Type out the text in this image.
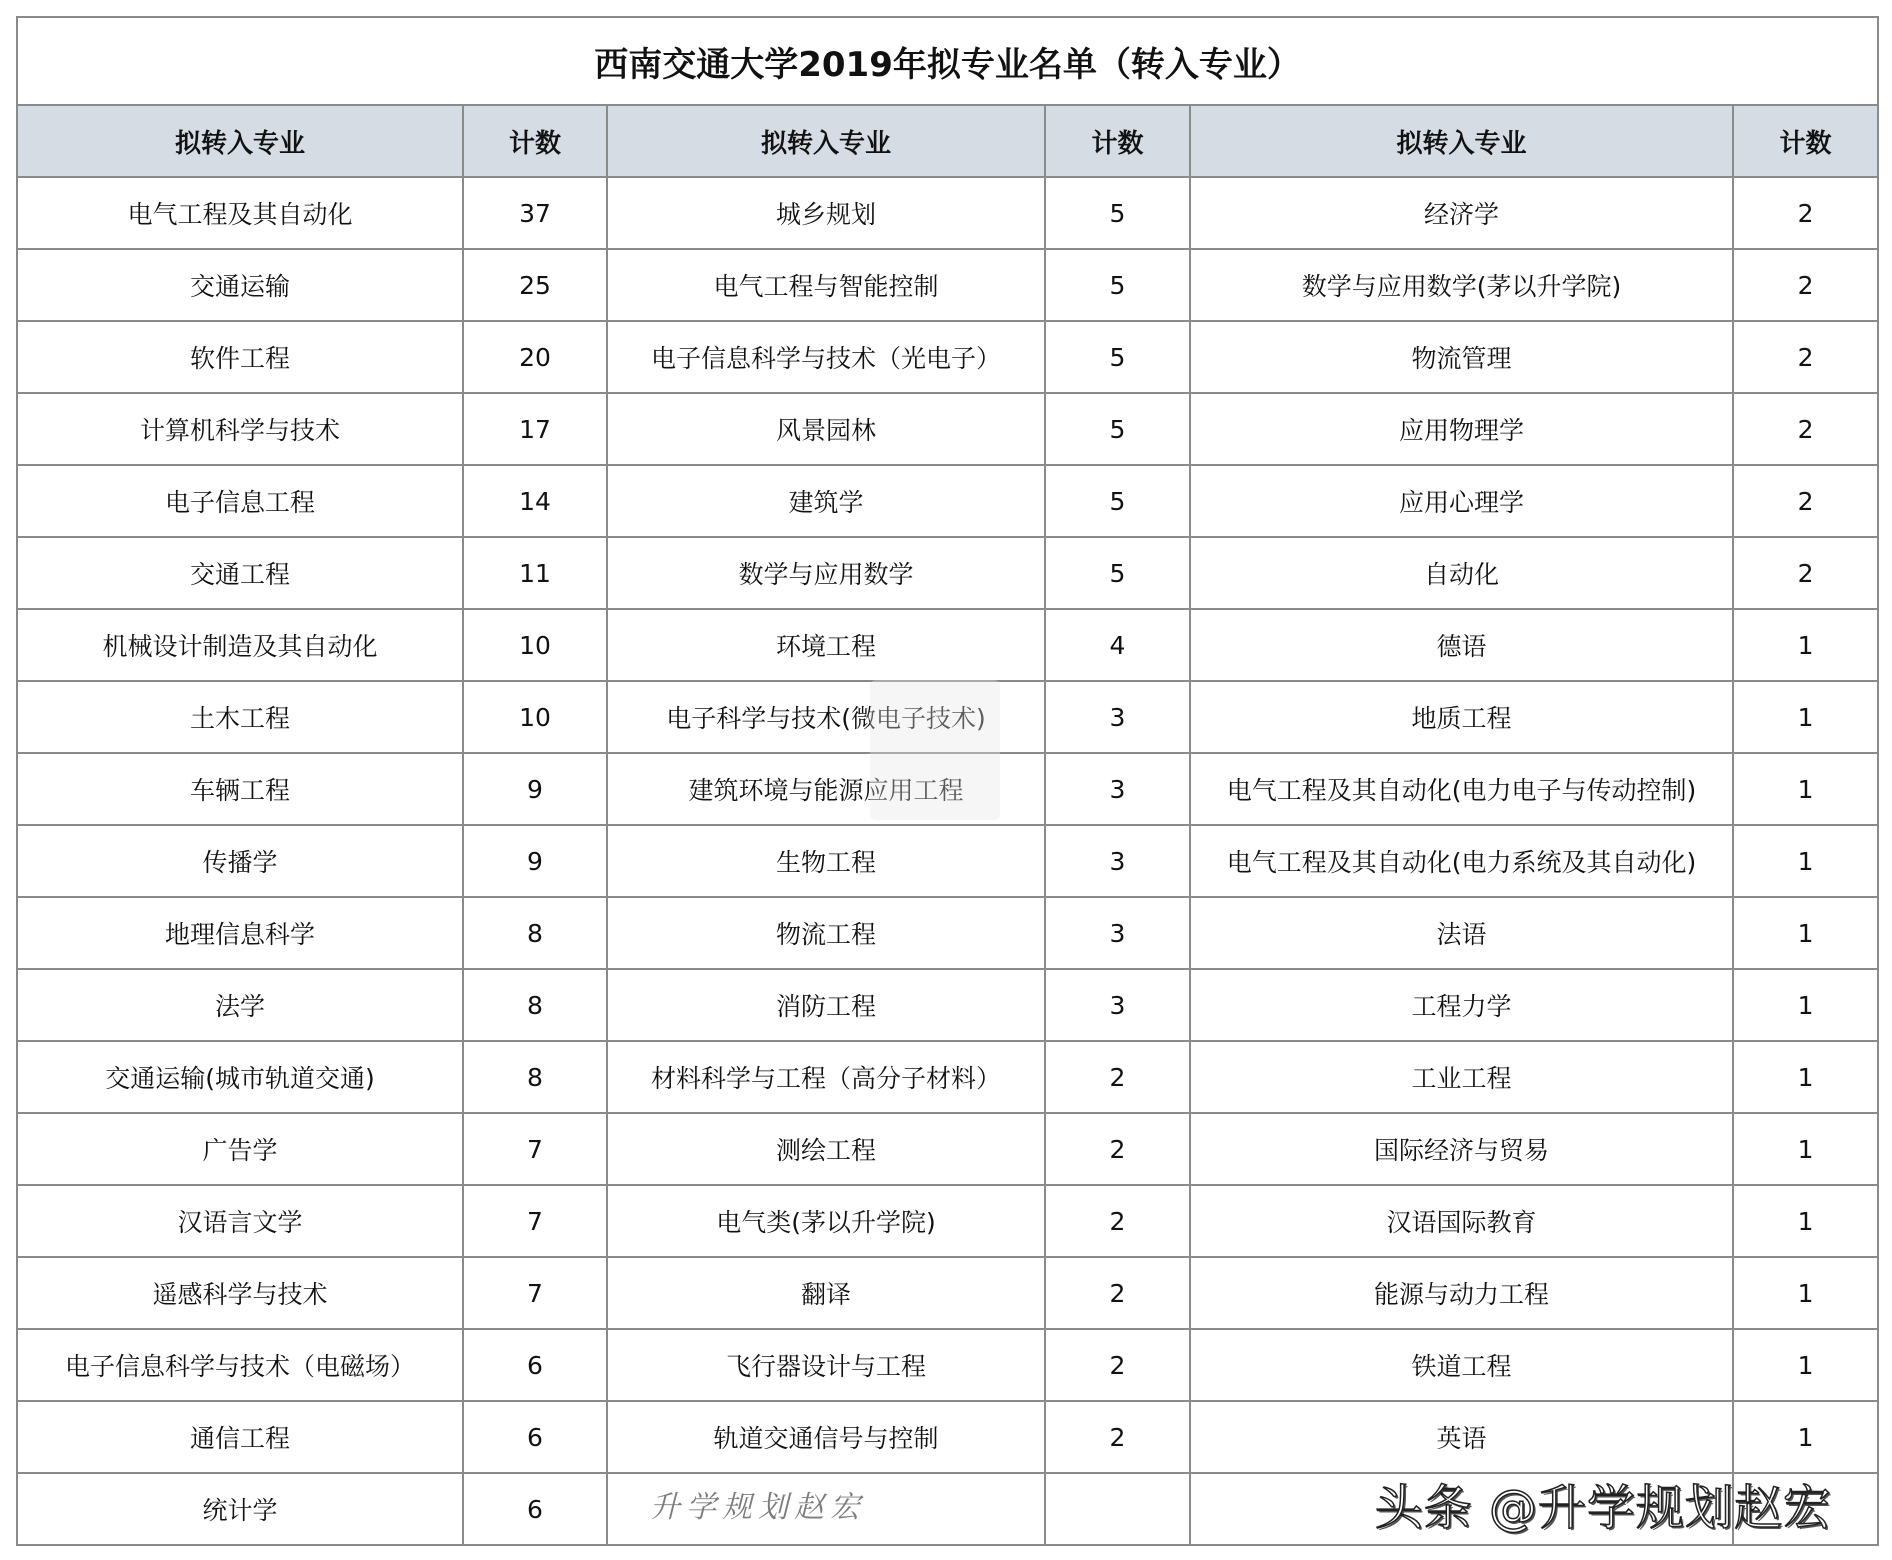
西南交通大学2019年拟专业名单（转入专业）					
拟转入专业	计数	拟转入专业	计数	拟转入专业	计数
电气工程及其自动化	37	城乡规划	5	经济学	2
交通运输	25	电气工程与智能控制	5	数学与应用数学(茅以升学院)	2
软件工程	20	电子信息科学与技术（光电子）	5	物流管理	2
计算机科学与技术	17	风景园林	5	应用物理学	2
电子信息工程	14	建筑学	5	应用心理学	2
交通工程	11	数学与应用数学	5	自动化	2
机械设计制造及其自动化	10	环境工程	4	德语	1
土木工程	10	电子科学与技术(微电子技术)	3	地质工程	1
车辆工程	9	建筑环境与能源应用工程	3	电气工程及其自动化(电力电子与传动控制)	1
传播学	9	生物工程	3	电气工程及其自动化(电力系统及其自动化)	1
地理信息科学	8	物流工程	3	法语	1
法学	8	消防工程	3	工程力学	1
交通运输(城市轨道交通)	8	材料科学与工程（高分子材料）	2	工业工程	1
广告学	7	测绘工程	2	国际经济与贸易	1
汉语言文学	7	电气类(茅以升学院)	2	汉语国际教育	1
遥感科学与技术	7	翻译	2	能源与动力工程	1
电子信息科学与技术（电磁场）	6	飞行器设计与工程	2	铁道工程	1
通信工程	6	轨道交通信号与控制	2	英语	1
统计学	6					升学规划赵宏	头条 @升学规划赵宏
